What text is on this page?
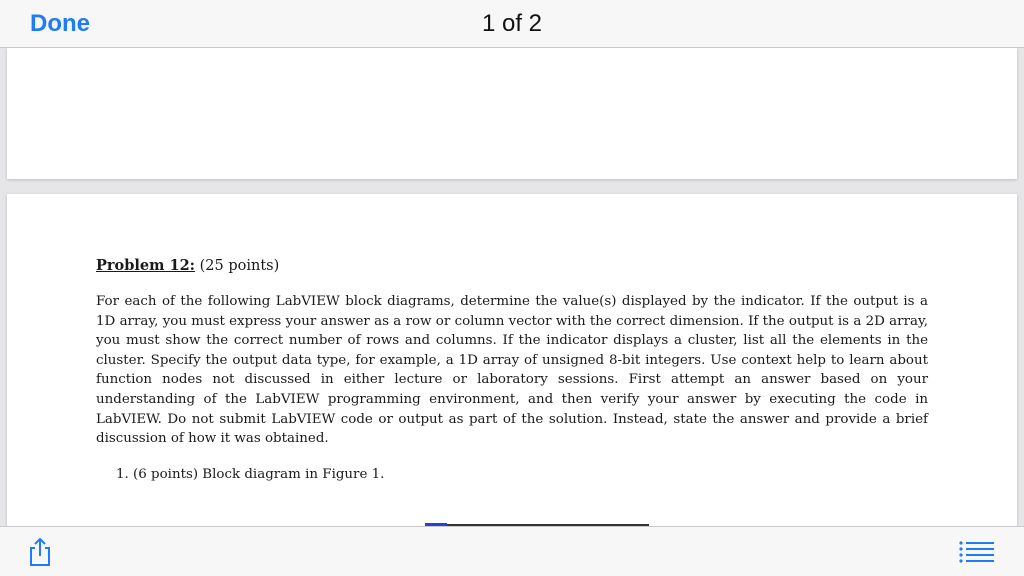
Done	1 of 2

Problem 12: (25 points)

For each of the following LabVIEW block diagrams, determine the value(s) displayed by the indicator. If the output is a 1D array, you must express your answer as a row or column vector with the correct dimension. If the output is a 2D array, you must show the correct number of rows and columns. If the indicator displays a cluster, list all the elements in the cluster. Specify the output data type, for example, a 1D array of unsigned 8-bit integers. Use context help to learn about function nodes not discussed in either lecture or laboratory sessions. First attempt an answer based on your understanding of the LabVIEW programming environment, and then verify your answer by executing the code in LabVIEW. Do not submit LabVIEW code or output as part of the solution. Instead, state the answer and provide a brief discussion of how it was obtained.

1. (6 points) Block diagram in Figure 1.
